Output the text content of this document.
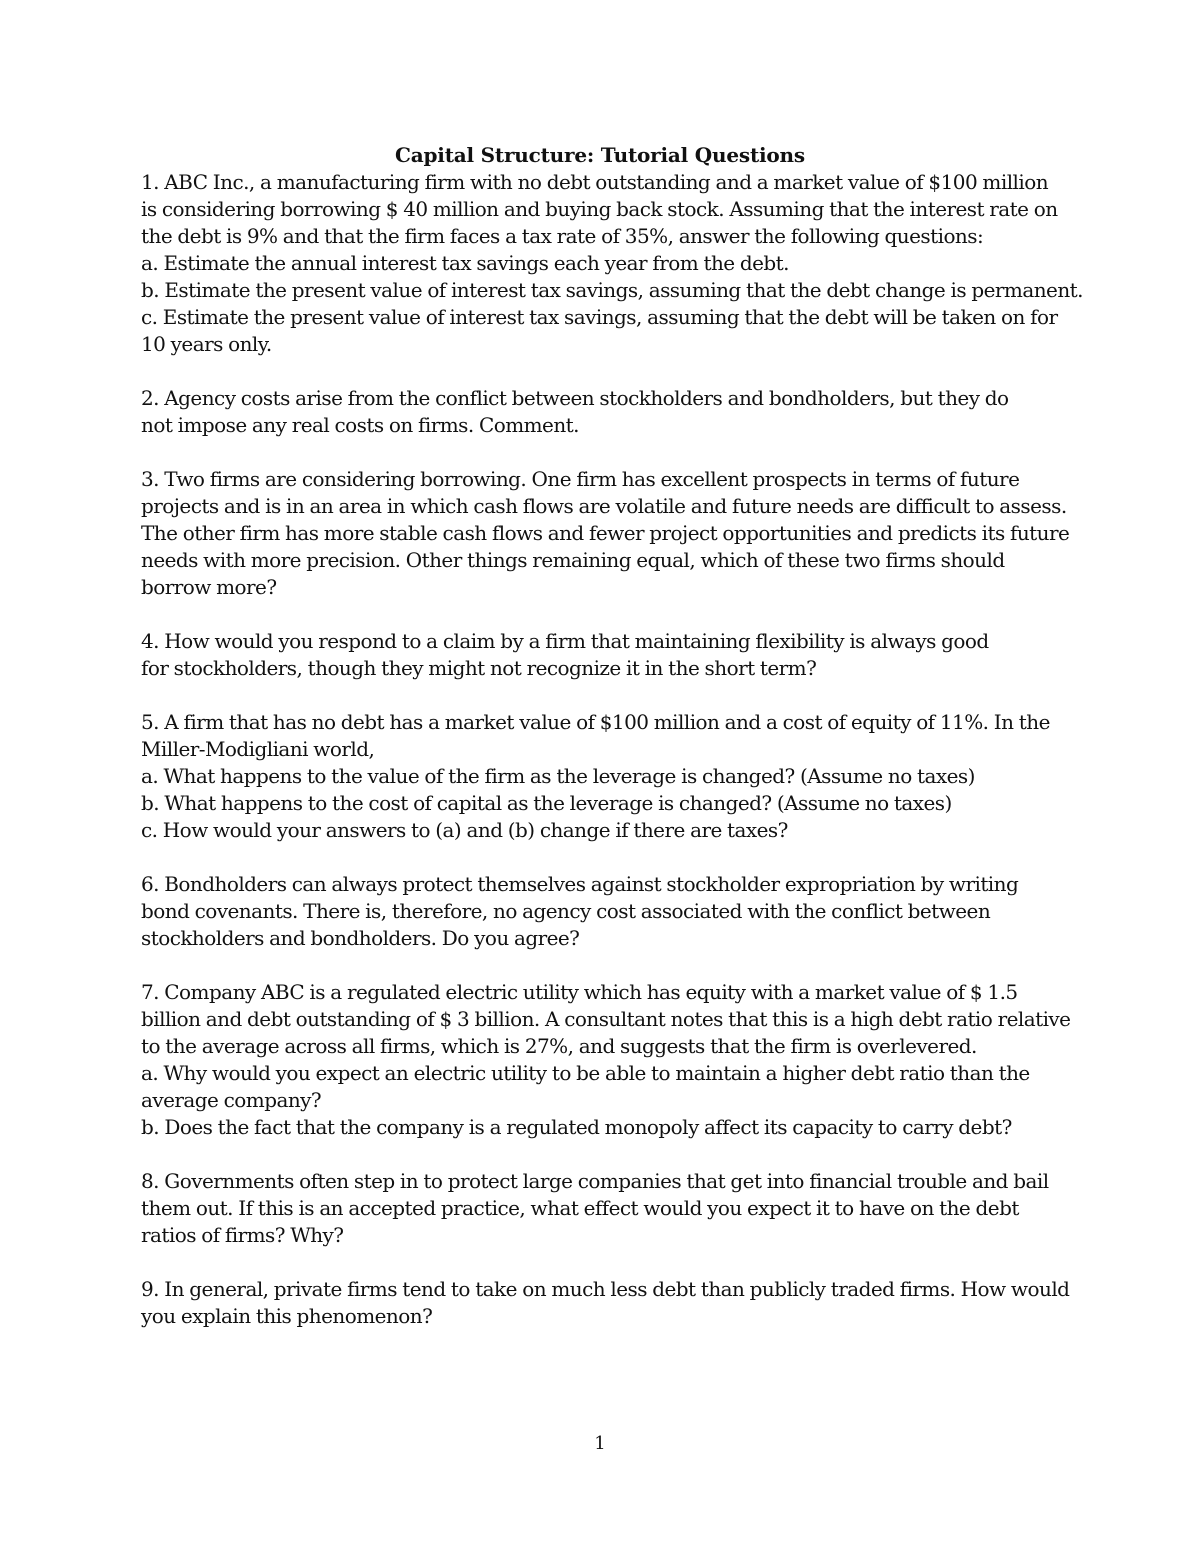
Capital Structure: Tutorial Questions
1. ABC Inc., a manufacturing firm with no debt outstanding and a market value of $100 million
is considering borrowing $ 40 million and buying back stock. Assuming that the interest rate on
the debt is 9% and that the firm faces a tax rate of 35%, answer the following questions:
a. Estimate the annual interest tax savings each year from the debt.
b. Estimate the present value of interest tax savings, assuming that the debt change is permanent.
c. Estimate the present value of interest tax savings, assuming that the debt will be taken on for
10 years only.
2. Agency costs arise from the conflict between stockholders and bondholders, but they do
not impose any real costs on firms. Comment.
3. Two firms are considering borrowing. One firm has excellent prospects in terms of future
projects and is in an area in which cash flows are volatile and future needs are difficult to assess.
The other firm has more stable cash flows and fewer project opportunities and predicts its future
needs with more precision. Other things remaining equal, which of these two firms should
borrow more?
4. How would you respond to a claim by a firm that maintaining flexibility is always good
for stockholders, though they might not recognize it in the short term?
5. A firm that has no debt has a market value of $100 million and a cost of equity of 11%. In the
Miller-Modigliani world,
a. What happens to the value of the firm as the leverage is changed? (Assume no taxes)
b. What happens to the cost of capital as the leverage is changed? (Assume no taxes)
c. How would your answers to (a) and (b) change if there are taxes?
6. Bondholders can always protect themselves against stockholder expropriation by writing
bond covenants. There is, therefore, no agency cost associated with the conflict between
stockholders and bondholders. Do you agree?
7. Company ABC is a regulated electric utility which has equity with a market value of $ 1.5
billion and debt outstanding of $ 3 billion. A consultant notes that this is a high debt ratio relative
to the average across all firms, which is 27%, and suggests that the firm is overlevered.
a. Why would you expect an electric utility to be able to maintain a higher debt ratio than the
average company?
b. Does the fact that the company is a regulated monopoly affect its capacity to carry debt?
8. Governments often step in to protect large companies that get into financial trouble and bail
them out. If this is an accepted practice, what effect would you expect it to have on the debt
ratios of firms? Why?
9. In general, private firms tend to take on much less debt than publicly traded firms. How would
you explain this phenomenon?
1
